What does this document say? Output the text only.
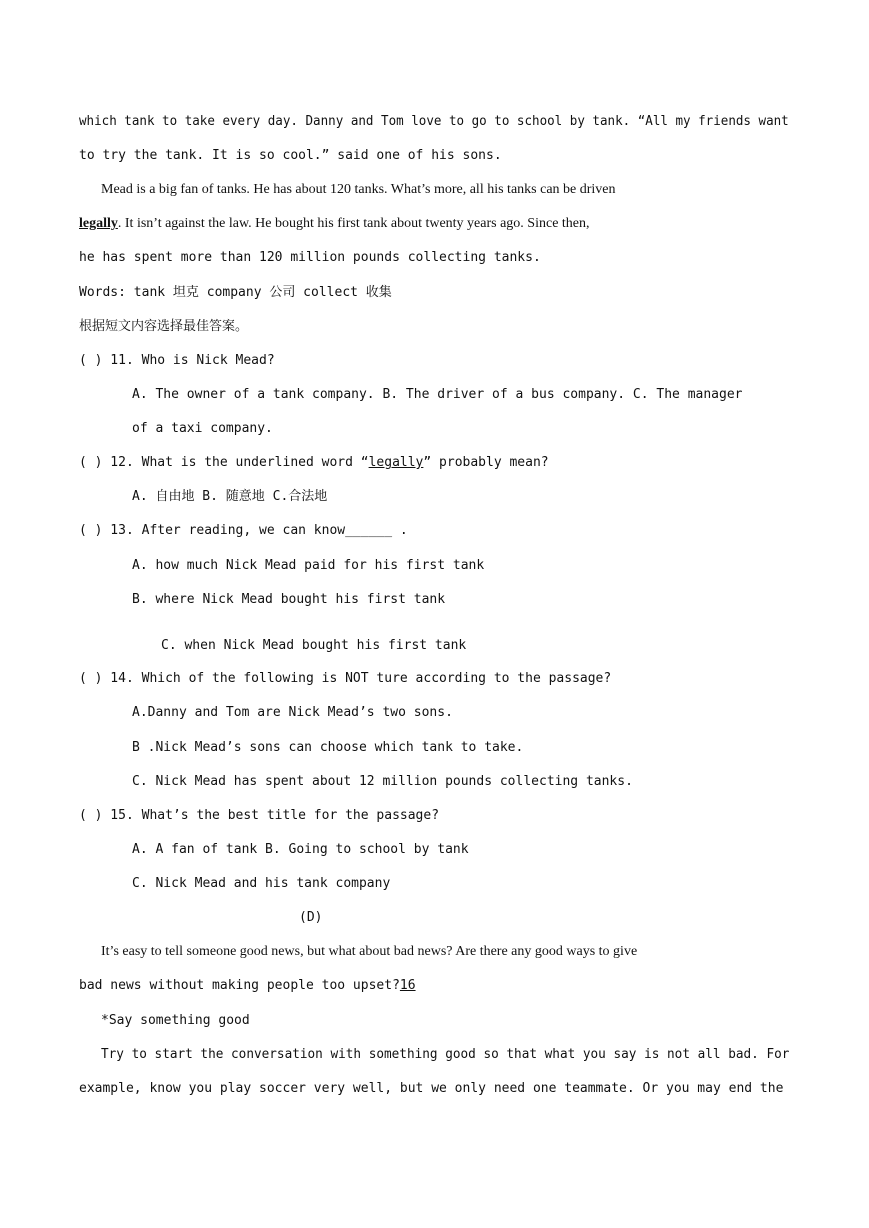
which tank to take every day. Danny and Tom love to go to school by tank. “All my friends want
to try the tank. It is so cool.” said one of his sons.
Mead is a big fan of tanks. He has about 120 tanks. What’s more, all his tanks can be driven
legally. It isn’t against the law. He bought his first tank about twenty years ago. Since then,
he has spent more than 120 million pounds collecting tanks.
Words: tank 坦克 company 公司 collect 收集
根据短文内容选择最佳答案。
( ) 11. Who is Nick Mead?
A. The owner of a tank company. B. The driver of a bus company. C. The manager
of a taxi company.
( ) 12. What is the underlined word “legally” probably mean?
A. 自由地 B. 随意地 C.合法地
( ) 13. After reading, we can know______ .
A. how much Nick Mead paid for his first tank
B. where Nick Mead bought his first tank
C. when Nick Mead bought his first tank
( ) 14. Which of the following is NOT ture according to the passage?
A.Danny and Tom are Nick Mead’s two sons.
B .Nick Mead’s sons can choose which tank to take.
C. Nick Mead has spent about 12 million pounds collecting tanks.
( ) 15. What’s the best title for the passage?
A. A fan of tank B. Going to school by tank
C. Nick Mead and his tank company
(D)
It’s easy to tell someone good news, but what about bad news? Are there any good ways to give
bad news without making people too upset?16
*Say something good
Try to start the conversation with something good so that what you say is not all bad. For
example, know you play soccer very well, but we only need one teammate. Or you may end the
